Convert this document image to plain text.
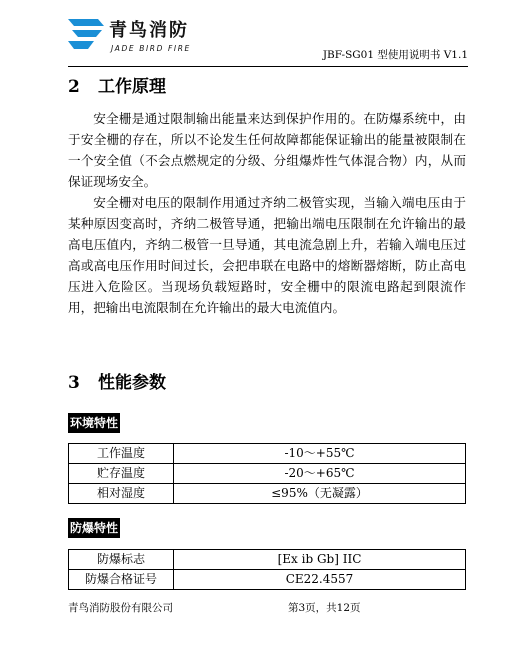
青鸟消防
JADE BIRD FIRE
JBF-SG01 型使用说明书 V1.1
2 工作原理

安全栅是通过限制输出能量来达到保护作用的。在防爆系统中，由于安全栅的存在，所以不论发生任何故障都能保证输出的能量被限制在一个安全值（不会点燃规定的分级、分组爆炸性气体混合物）内，从而保证现场安全。

安全栅对电压的限制作用通过齐纳二极管实现，当输入端电压由于某种原因变高时，齐纳二极管导通，把输出端电压限制在允许输出的最高电压值内，齐纳二极管一旦导通，其电流急剧上升，若输入端电压过高或高电压作用时间过长，会把串联在电路中的熔断器熔断，防止高电压进入危险区。当现场负载短路时，安全栅中的限流电路起到限流作用，把输出电流限制在允许输出的最大电流值内。

3 性能参数
环境特性
工作温度	-10～+55℃
贮存温度	-20～+65℃
相对湿度	≤95%（无凝露）
防爆特性
防爆标志	[Ex ib Gb] IIC
防爆合格证号	CE22.4557
青鸟消防股份有限公司	第3页，共12页
